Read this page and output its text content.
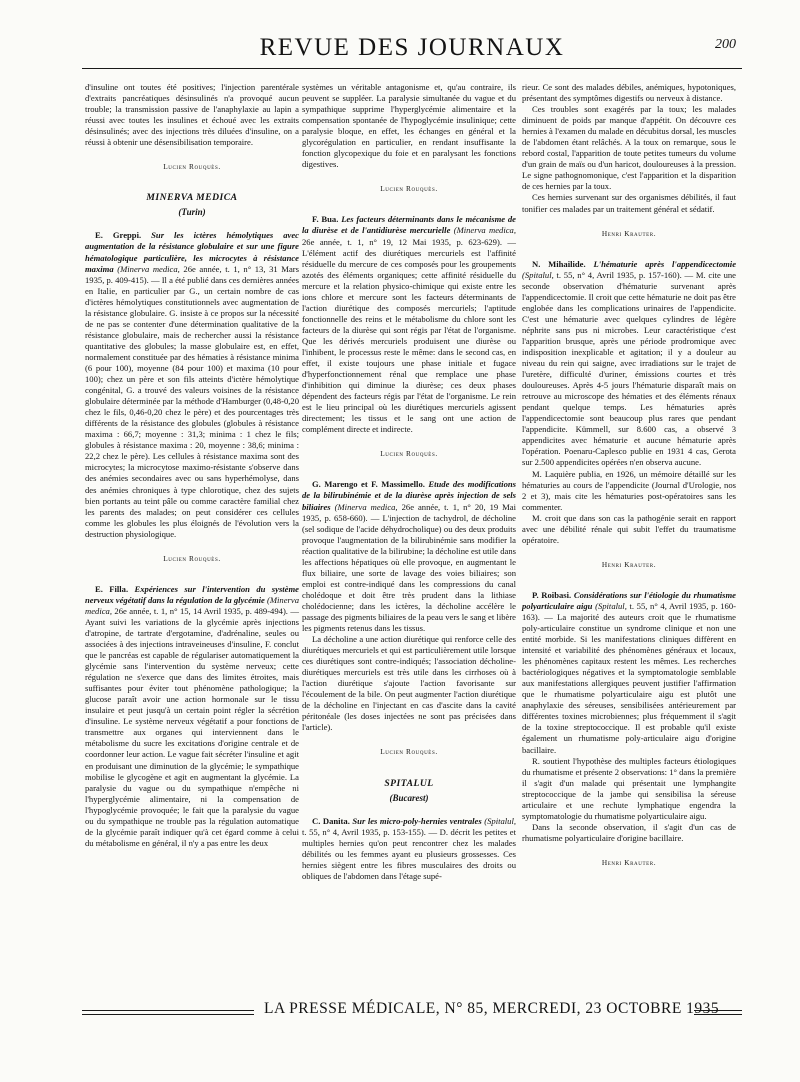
REVUE DES JOURNAUX	200

d'insuline ont toutes été positives; l'injection parentérale d'extraits pancréatiques désinsulinés n'a provoqué aucun trouble; la transmission passive de l'anaphylaxie au lapin a réussi avec toutes les insulines et échoué avec les extraits désinsulinés; avec des injections très diluées d'insuline, on a réussi à obtenir une désensibilisation temporaire.

Lucien Rouquès.
MINERVA MEDICA
(Turin)

E. Greppi. Sur les ictères hémolytiques avec augmentation de la résistance globulaire et sur une figure hématologique particulière, les microcytes à résistance maxima (Minerva medica, 26e année, t. 1, n° 13, 31 Mars 1935, p. 409-415). — Il a été publié dans ces dernières années en Italie, en particulier par G., un certain nombre de cas d'ictères hémolytiques constitutionnels avec augmentation de la résistance globulaire. G. insiste à ce propos sur la nécessité de ne pas se contenter d'une détermination qualitative de la résistance globulaire, mais de rechercher aussi la résistance quantitative des globules; la masse globulaire est, en effet, normalement constituée par des hématies à résistance minima (6 pour 100), moyenne (84 pour 100) et maxima (10 pour 100); chez un père et son fils atteints d'ictère hémolytique congénital, G. a trouvé des valeurs voisines de la résistance globulaire déterminée par la méthode d'Hamburger (0,48-0,20 chez le fils, 0,46-0,20 chez le père) et des pourcentages très différents de la résistance des globules (globules à résistance maxima : 66,7; moyenne : 31,3; minima : 1 chez le fils; globules à résistance maxima : 20, moyenne : 38,6; minima : 22,2 chez le père). Les cellules à résistance maxima sont des microcytes; la microcytose maximo-résistante s'observe dans des anémies secondaires avec ou sans hyperhémolyse, dans des anémies chroniques à type chlorotique, chez des sujets bien portants au teint pâle ou comme caractère familial chez les parents des malades; on peut considérer ces cellules comme les globules les plus éloignés de l'évolution vers la destruction physiologique.

Lucien Rouquès.

E. Filla. Expériences sur l'intervention du système nerveux végétatif dans la régulation de la glycémie (Minerva medica, 26e année, t. 1, n° 15, 14 Avril 1935, p. 489-494). — Ayant suivi les variations de la glycémie après injections d'atropine, de tartrate d'ergotamine, d'adrénaline, seules ou associées à des injections intraveineuses d'insuline, F. conclut que le pancréas est capable de régulariser automatiquement la glycémie sans l'intervention du système nerveux; cette régulation ne s'exerce que dans des limites étroites, mais suffisantes pour éviter tout phénomène pathologique; la glucose paraît avoir une action hormonale sur le tissu insulaire et peut jusqu'à un certain point régler la sécrétion d'insuline. Le système nerveux végétatif a pour fonctions de transmettre aux organes qui interviennent dans le métabolisme du sucre les excitations d'origine centrale et de coordonner leur action. Le vague fait sécréter l'insuline et agit en produisant une diminution de la glycémie; le sympathique mobilise le glycogène et agit en augmentant la glycémie. La paralysie du vague ou du sympathique n'empêche ni l'hyperglycémie alimentaire, ni la compensation de l'hypoglycémie provoquée; le fait que la paralysie du vague ou du sympathique ne trouble pas la régulation automatique de la glycémie paraît indiquer qu'à cet égard comme à celui du métabolisme en général, il n'y a pas entre les deux

systèmes un véritable antagonisme et, qu'au contraire, ils peuvent se suppléer. La paralysie simultanée du vague et du sympathique supprime l'hyperglycémie alimentaire et la compensation spontanée de l'hypoglycémie insulinique; cette paralysie bloque, en effet, les échanges en général et la glycorégulation en particulier, en rendant insuffisante la fonction glycopexique du foie et en paralysant les fonctions digestives.

Lucien Rouquès.

F. Bua. Les facteurs déterminants dans le mécanisme de la diurèse et de l'antidiurèse mercurielle (Minerva medica, 26e année, t. 1, n° 19, 12 Mai 1935, p. 623-629). — L'élément actif des diurétiques mercuriels est l'affinité résiduelle du mercure de ces composés pour les groupements azotés des éléments organiques; cette affinité résiduelle du mercure et la relation physico-chimique qui existe entre les ions chlore et mercure sont les facteurs déterminants de l'action diurétique des composés mercuriels; l'aptitude fonctionnelle des reins et le métabolisme du chlore sont les facteurs de la diurèse qui sont régis par l'état de l'organisme. Que les dérivés mercuriels produisent une diurèse ou l'inhibent, le processus reste le même: dans le second cas, en effet, il existe toujours une phase initiale et fugace d'hyperfonctionnement rénal que remplace une phase d'inhibition qui diminue la diurèse; ces deux phases dépendent des facteurs régis par l'état de l'organisme. Le rein est le lieu principal où les diurétiques mercuriels agissent directement; les tissus et le sang ont une action de complément directe et indirecte.

Lucien Rouquès.

G. Marengo et F. Massimello. Etude des modifications de la bilirubinémie et de la diurèse après injection de sels biliaires (Minerva medica, 26e année, t. 1, n° 20, 19 Mai 1935, p. 658-660). — L'injection de tachydrol, de décholine (sel sodique de l'acide déhydrocholique) ou des deux produits provoque l'augmentation de la bilirubinémie sans modifier la réaction qualitative de la bilirubine; la décholine est utile dans les affections hépatiques où elle provoque, en augmentant le flux biliaire, une sorte de lavage des voies biliaires; son emploi est contre-indiqué dans les compressions du canal cholédoque et doit être très prudent dans la lithiase cholédocienne; dans les ictères, la décholine accélère le passage des pigments biliaires de la peau vers le sang et libère les pigments retenus dans les tissus.

La décholine a une action diurétique qui renforce celle des diurétiques mercuriels et qui est particulièrement utile lorsque ces diurétiques sont contre-indiqués; l'association décholine-diurétiques mercuriels est très utile dans les cirrhoses où à l'action diurétique s'ajoute l'action favorisante sur l'écoulement de la bile. On peut augmenter l'action diurétique de la décholine en l'injectant en cas d'ascite dans la cavité péritonéale (les doses injectées ne sont pas précisées dans l'article).

Lucien Rouquès.
SPITALUL
(Bucarest)

C. Danita. Sur les micro-poly-hernies ventrales (Spitalul, t. 55, n° 4, Avril 1935, p. 153-155). — D. décrit les petites et multiples hernies qu'on peut rencontrer chez les malades débilités ou les femmes ayant eu plusieurs grossesses. Ces hernies siègent entre les fibres musculaires des droits ou obliques de l'abdomen dans l'étage supé-

rieur. Ce sont des malades débiles, anémiques, hypotoniques, présentant des symptômes digestifs ou nerveux à distance.

Ces troubles sont exagérés par la toux; les malades diminuent de poids par manque d'appétit. On découvre ces hernies à l'examen du malade en décubitus dorsal, les muscles de l'abdomen étant relâchés. A la toux on remarque, sous le rebord costal, l'apparition de toute petites tumeurs du volume d'un grain de maïs ou d'un haricot, douloureuses à la pression. Le signe pathognomonique, c'est l'apparition et la disparition de ces hernies par la toux.

Ces hernies survenant sur des organismes débilités, il faut tonifier ces malades par un traitement général et sédatif.

Henri Krauter.

N. Mihailide. L'hématurie après l'appendicectomie (Spitalul, t. 55, n° 4, Avril 1935, p. 157-160). — M. cite une seconde observation d'hématurie survenant après l'appendicectomie. Il croit que cette hématurie ne doit pas être englobée dans les complications urinaires de l'appendicite. C'est une hématurie avec quelques cylindres de légère néphrite sans pus ni microbes. Leur caractéristique c'est l'apparition brusque, après une période prodromique avec indisposition inexplicable et agitation; il y a douleur au niveau du rein qui saigne, avec irradiations sur le trajet de l'uretère, difficulté d'uriner, émissions courtes et très douloureuses. Après 4-5 jours l'hématurie disparaît mais on retrouve au microscope des hématies et des éléments rénaux pendant quelque temps. Les hématuries après l'appendicectomie sont beaucoup plus rares que pendant l'appendicite. Kümmell, sur 8.600 cas, a observé 3 appendicites avec hématurie et aucune hématurie après l'opération. Poenaru-Caplesco publie en 1931 4 cas, Gerota sur 2.500 appendicites opérées n'en observa aucune.

M. Laquière publia, en 1926, un mémoire détaillé sur les hématuries au cours de l'appendicite (Journal d'Urologie, nos 2 et 3), mais cite les hématuries post-opératoires sans les commenter.

M. croit que dans son cas la pathogénie serait en rapport avec une débilité rénale qui subit l'effet du traumatisme opératoire.

Henri Krauter.

P. Roibasi. Considérations sur l'étiologie du rhumatisme polyarticulaire aigu (Spitalul, t. 55, n° 4, Avril 1935, p. 160-163). — La majorité des auteurs croit que le rhumatisme poly-articulaire constitue un syndrome clinique et non une entité morbide. Si les manifestations cliniques diffèrent en intensité et variabilité des phénomènes généraux et locaux, les phénomènes capitaux restent les mêmes. Les recherches bactériologiques négatives et la symptomatologie semblable aux manifestations allergiques peuvent justifier l'affirmation que le rhumatisme polyarticulaire aigu est plutôt une anaphylaxie des séreuses, sensibilisées antérieurement par différentes toxines microbiennes; plus fréquemment il s'agit de la toxine streptococcique. Il est probable qu'il existe également un rhumatisme poly-articulaire aigu d'origine bacillaire.

R. soutient l'hypothèse des multiples facteurs étiologiques du rhumatisme et présente 2 observations: 1° dans la première il s'agit d'un malade qui présentait une lymphangite streptococcique de la jambe qui sensibilisa la séreuse articulaire et une rechute lymphatique engendra la symptomatologie du rhumatisme polyarticulaire aigu.

Dans la seconde observation, il s'agit d'un cas de rhumatisme polyarticulaire d'origine bacillaire.

Henri Krauter.
LA PRESSE MÉDICALE, N° 85, MERCREDI, 23 OCTOBRE 1935
